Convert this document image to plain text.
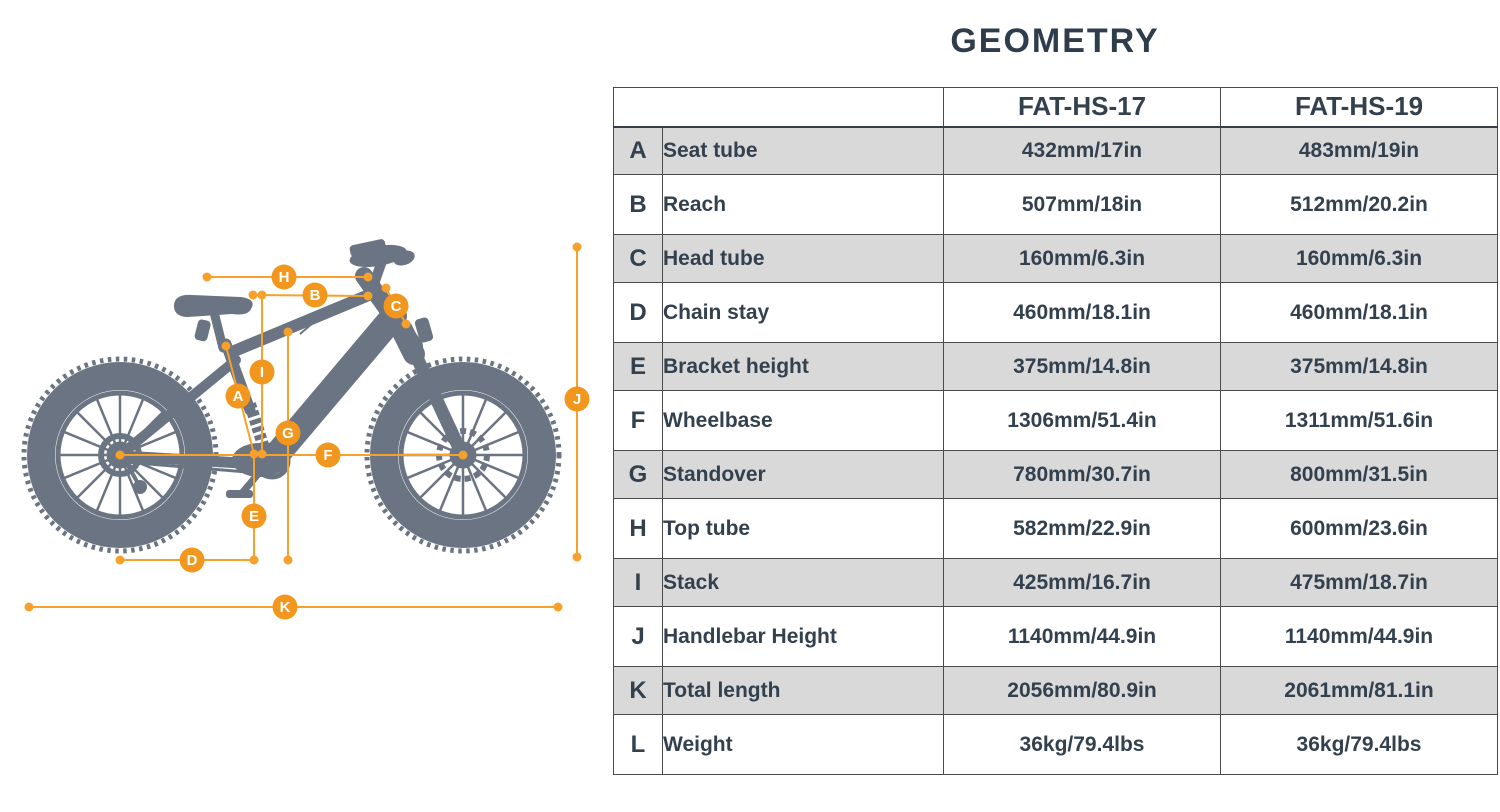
GEOMETRY
A
B
C
D
E
F
G
H
I
J
K
		FAT-HS-17	FAT-HS-19
A	Seat tube	432mm/17in	483mm/19in
B	Reach	507mm/18in	512mm/20.2in
C	Head tube	160mm/6.3in	160mm/6.3in
D	Chain stay	460mm/18.1in	460mm/18.1in
E	Bracket height	375mm/14.8in	375mm/14.8in
F	Wheelbase	1306mm/51.4in	1311mm/51.6in
G	Standover	780mm/30.7in	800mm/31.5in
H	Top tube	582mm/22.9in	600mm/23.6in
I	Stack	425mm/16.7in	475mm/18.7in
J	Handlebar Height	1140mm/44.9in	1140mm/44.9in
K	Total length	2056mm/80.9in	2061mm/81.1in
L	Weight	36kg/79.4lbs	36kg/79.4lbs
